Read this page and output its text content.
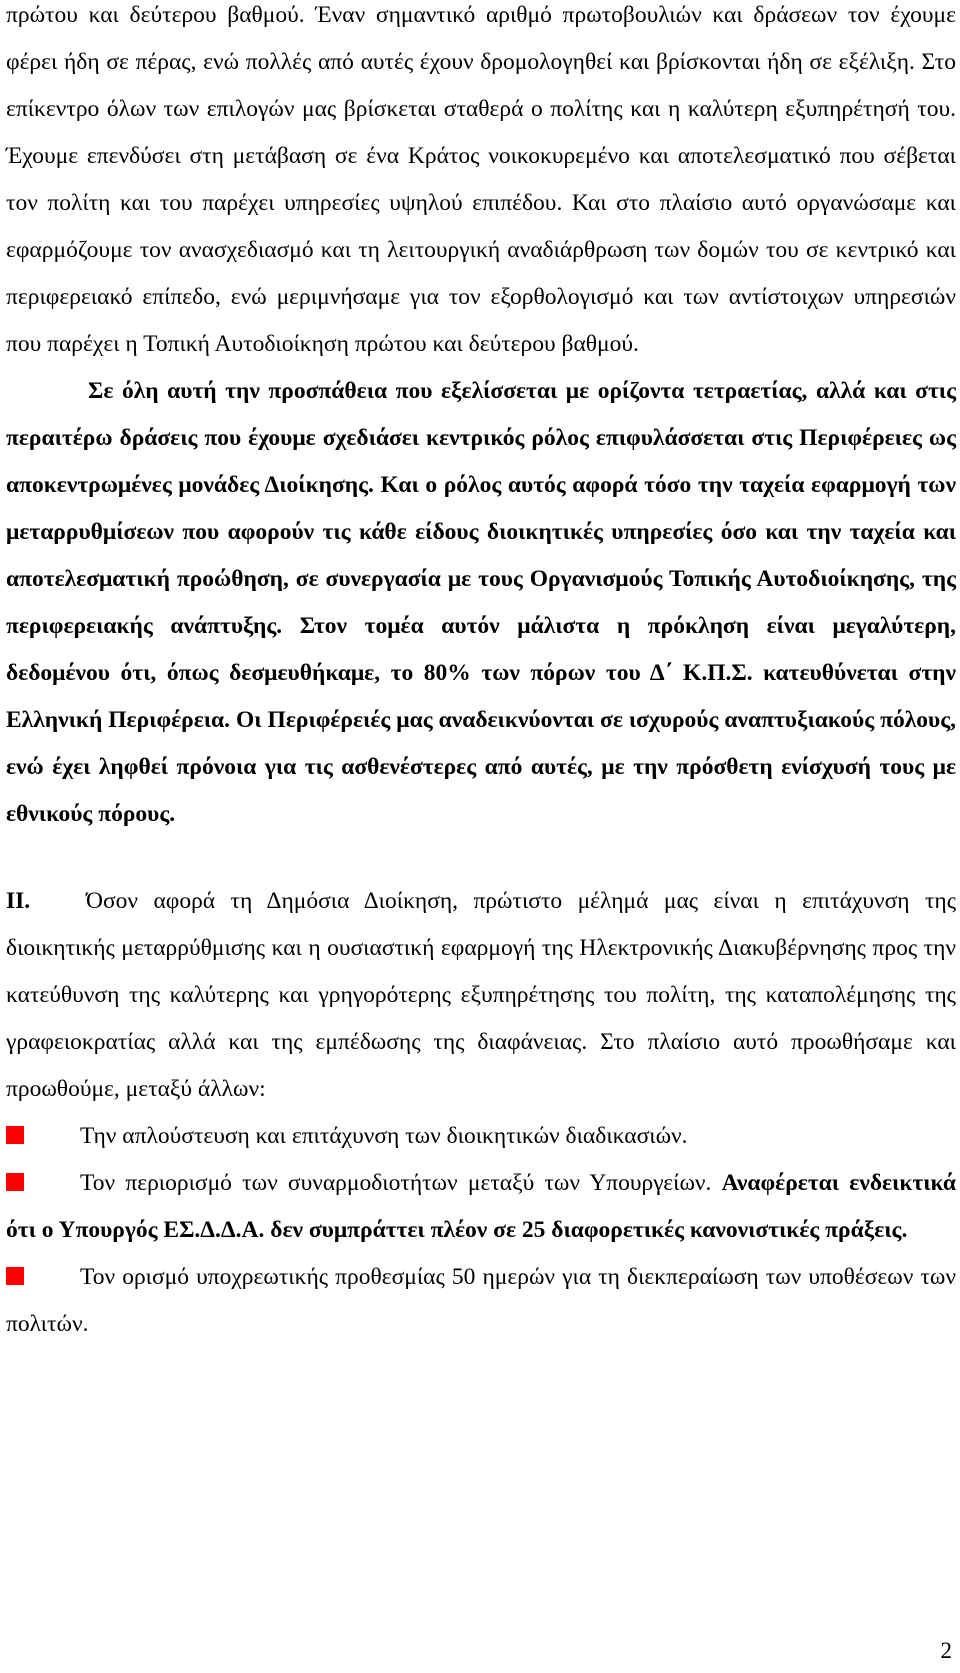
πρώτου και δεύτερου βαθμού. Έναν σημαντικό αριθμό πρωτοβουλιών και δράσεων τον έχουμε φέρει ήδη σε πέρας, ενώ πολλές από αυτές έχουν δρομολογηθεί και βρίσκονται ήδη σε εξέλιξη. Στο επίκεντρο όλων των επιλογών μας βρίσκεται σταθερά ο πολίτης και η καλύτερη εξυπηρέτησή του. Έχουμε επενδύσει στη μετάβαση σε ένα Κράτος νοικοκυρεμένο και αποτελεσματικό που σέβεται τον πολίτη και του παρέχει υπηρεσίες υψηλού επιπέδου. Και στο πλαίσιο αυτό οργανώσαμε και εφαρμόζουμε τον ανασχεδιασμό και τη λειτουργική αναδιάρθρωση των δομών του σε κεντρικό και περιφερειακό επίπεδο, ενώ μεριμνήσαμε για τον εξορθολογισμό και των αντίστοιχων υπηρεσιών που παρέχει η Τοπική Αυτοδιοίκηση πρώτου και δεύτερου βαθμού.

Σε όλη αυτή την προσπάθεια που εξελίσσεται με ορίζοντα τετραετίας, αλλά και στις περαιτέρω δράσεις που έχουμε σχεδιάσει κεντρικός ρόλος επιφυλάσσεται στις Περιφέρειες ως αποκεντρωμένες μονάδες Διοίκησης. Και ο ρόλος αυτός αφορά τόσο την ταχεία εφαρμογή των μεταρρυθμίσεων που αφορούν τις κάθε είδους διοικητικές υπηρεσίες όσο και την ταχεία και αποτελεσματική προώθηση, σε συνεργασία με τους Οργανισμούς Τοπικής Αυτοδιοίκησης, της περιφερειακής ανάπτυξης. Στον τομέα αυτόν μάλιστα η πρόκληση είναι μεγαλύτερη, δεδομένου ότι, όπως δεσμευθήκαμε, το 80% των πόρων του Δ΄ Κ.Π.Σ. κατευθύνεται στην Ελληνική Περιφέρεια. Οι Περιφέρειές μας αναδεικνύονται σε ισχυρούς αναπτυξιακούς πόλους, ενώ έχει ληφθεί πρόνοια για τις ασθενέστερες από αυτές, με την πρόσθετη ενίσχυσή τους με εθνικούς πόρους.

ΙΙ. Όσον αφορά τη Δημόσια Διοίκηση, πρώτιστο μέλημά μας είναι η επιτάχυνση της διοικητικής μεταρρύθμισης και η ουσιαστική εφαρμογή της Ηλεκτρονικής Διακυβέρνησης προς την κατεύθυνση της καλύτερης και γρηγορότερης εξυπηρέτησης του πολίτη, της καταπολέμησης της γραφειοκρατίας αλλά και της εμπέδωσης της διαφάνειας. Στο πλαίσιο αυτό προωθήσαμε και προωθούμε, μεταξύ άλλων:

Την απλούστευση και επιτάχυνση των διοικητικών διαδικασιών.

Τον περιορισμό των συναρμοδιοτήτων μεταξύ των Υπουργείων. Αναφέρεται ενδεικτικά ότι ο Υπουργός ΕΣ.Δ.Δ.Α. δεν συμπράττει πλέον σε 25 διαφορετικές κανονιστικές πράξεις.

Τον ορισμό υποχρεωτικής προθεσμίας 50 ημερών για τη διεκπεραίωση των υποθέσεων των πολιτών.

2
